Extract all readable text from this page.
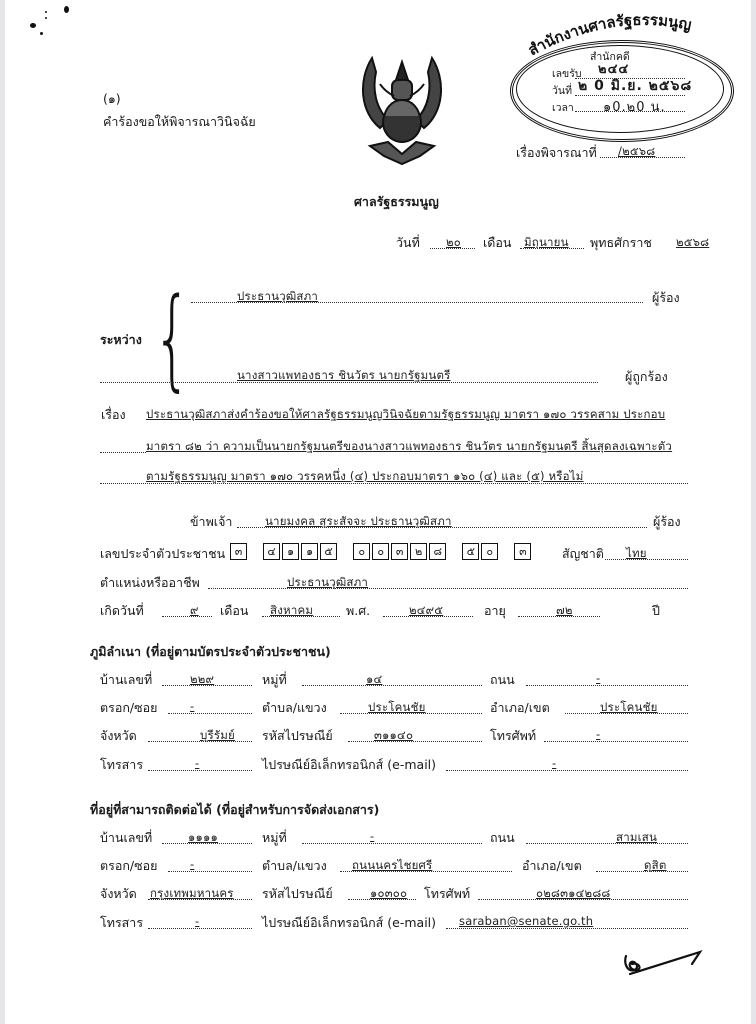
(๑)
คำร้องขอให้พิจารณาวินิจฉัย
สำนักงานศาลรัฐธรรมนูญ
สำนักคดี
๒๔๔
เลขรับ
วันที่ ๒ 0 มิ.ย. ๒๕๖๘
เวลา ๑0.๒0 น.
เรื่องพิจารณาที่ /๒๕๖๘
ศาลรัฐธรรมนูญ
วันที่ ๒๐ เดือน มิถุนายน พุทธศักราช ๒๕๖๘
{
ระหว่าง
ประธานวุฒิสภา	ผู้ร้อง
นางสาวแพทองธาร ชินวัตร นายกรัฐมนตรี	ผู้ถูกร้อง
เรื่อง ประธานวุฒิสภาส่งคำร้องขอให้ศาลรัฐธรรมนูญวินิจฉัยตามรัฐธรรมนูญ มาตรา ๑๗๐ วรรคสาม ประกอบ
มาตรา ๘๒ ว่า ความเป็นนายกรัฐมนตรีของนางสาวแพทองธาร ชินวัตร นายกรัฐมนตรี สิ้นสุดลงเฉพาะตัว
ตามรัฐธรรมนูญ มาตรา ๑๗๐ วรรคหนึ่ง (๔) ประกอบมาตรา ๑๖๐ (๔) และ (๕) หรือไม่
ข้าพเจ้า	นายมงคล สุระสัจจะ ประธานวุฒิสภา	ผู้ร้อง
เลขประจำตัวประชาชน ๓ ๔ ๑ ๑ ๕ ๐ ๐ ๓ ๒ ๘ ๕ ๐ ๓	สัญชาติ ไทย
ตำแหน่งหรืออาชีพ	ประธานวุฒิสภา
เกิดวันที่	๙ เดือน สิงหาคม	พ.ศ.	๒๔๙๕	อายุ	๗๒	ปี
ภูมิลำเนา (ที่อยู่ตามบัตรประจำตัวประชาชน)
บ้านเลขที่	๒๒๙	หมู่ที่	๑๔	ถนน	-
ตรอก/ซอย	-	ตำบล/แขวง	ประโคนชัย	อำเภอ/เขต	ประโคนชัย
จังหวัด	บุรีรัมย์ รหัสไปรษณีย์	๓๑๑๔๐	โทรศัพท์	-
โทรสาร	-	ไปรษณีย์อิเล็กทรอนิกส์ (e-mail)	-
ที่อยู่ที่สามารถติดต่อได้ (ที่อยู่สำหรับการจัดส่งเอกสาร)
บ้านเลขที่	๑๑๑๑	หมู่ที่	-	ถนน	สามเสน
ตรอก/ซอย	-	ตำบล/แขวง ถนนนครไชยศรี	อำเภอ/เขต	ดุสิต
จังหวัด กรุงเทพมหานคร รหัสไปรษณีย์	๑๐๓๐๐ โทรศัพท์	๐๒๘๓๑๔๒๘๘
โทรสาร	-	ไปรษณีย์อิเล็กทรอนิกส์ (e-mail) saraban@senate.go.th
